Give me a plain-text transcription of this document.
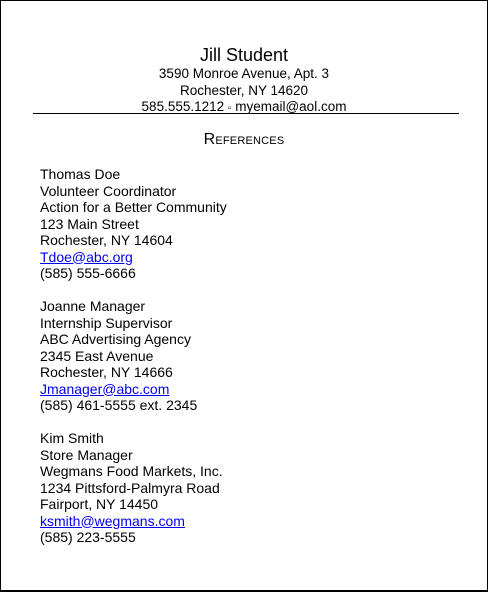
Jill Student
3590 Monroe Avenue, Apt. 3
Rochester, NY 14620
585.555.1212 ▫ myemail@aol.com
References
Thomas Doe
Volunteer Coordinator
Action for a Better Community
123 Main Street
Rochester, NY 14604
Tdoe@abc.org
(585) 555-6666
Joanne Manager
Internship Supervisor
ABC Advertising Agency
2345 East Avenue
Rochester, NY 14666
Jmanager@abc.com
(585) 461-5555 ext. 2345
Kim Smith
Store Manager
Wegmans Food Markets, Inc.
1234 Pittsford-Palmyra Road
Fairport, NY 14450
ksmith@wegmans.com
(585) 223-5555
